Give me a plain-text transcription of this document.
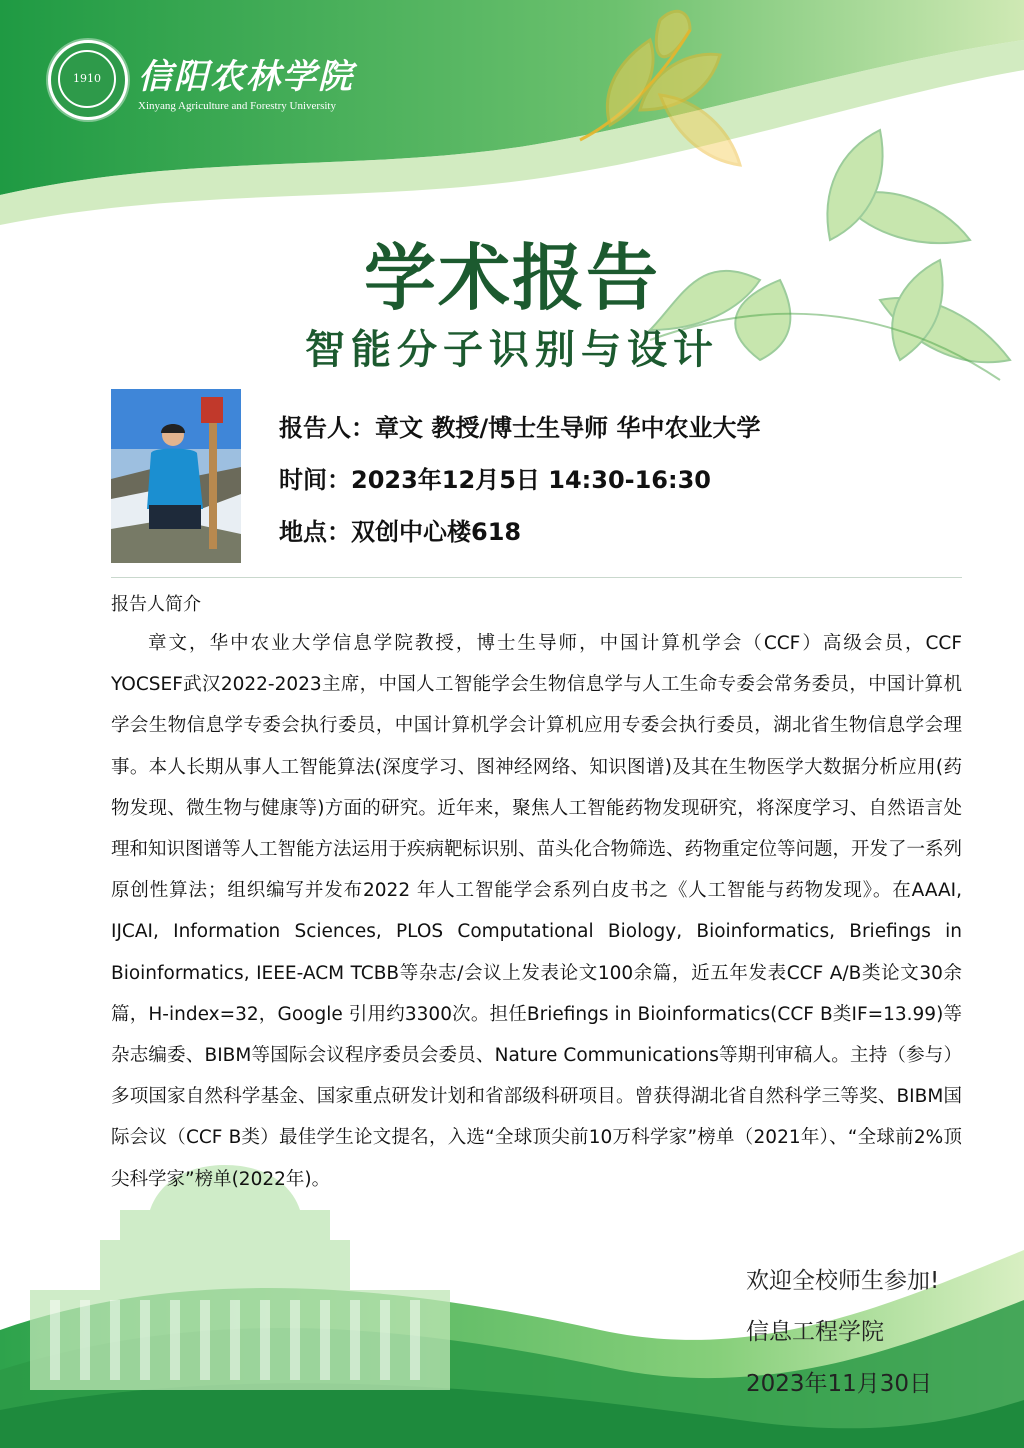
1910	信阳农林学院
Xinyang Agriculture and Forestry University
学术报告
智能分子识别与设计
报告人：章文 教授/博士生导师 华中农业大学
时间：2023年12月5日 14:30-16:30
地点：双创中心楼618
报告人简介
章文，华中农业大学信息学院教授，博士生导师，中国计算机学会（CCF）高级会员，CCF YOCSEF武汉2022-2023主席，中国人工智能学会生物信息学与人工生命专委会常务委员，中国计算机学会生物信息学专委会执行委员，中国计算机学会计算机应用专委会执行委员，湖北省生物信息学会理事。本人长期从事人工智能算法(深度学习、图神经网络、知识图谱)及其在生物医学大数据分析应用(药 物发现、微生物与健康等)方面的研究。近年来，聚焦人工智能药物发现研究，将深度学习、自然语言处理和知识图谱等人工智能方法运用于疾病靶标识别、苗头化合物筛选、药物重定位等问题，开发了一系列原创性算法；组织编写并发布2022 年人工智能学会系列白皮书之《人工智能与药物发现》。在AAAI, IJCAI, Information Sciences, PLOS Computational Biology, Bioinformatics, Briefings in Bioinformatics, IEEE-ACM TCBB等杂志/会议上发表论文100余篇，近五年发表CCF A/B类论文30余篇，H-index=32，Google 引用约3300次。担任Briefings in Bioinformatics(CCF B类IF=13.99)等杂志编委、BIBM等国际会议程序委员会委员、Nature Communications等期刊审稿人。主持（参与）多项国家自然科学基金、国家重点研发计划和省部级科研项目。曾获得湖北省自然科学三等奖、BIBM国际会议（CCF B类）最佳学生论文提名，入选“全球顶尖前10万科学家”榜单（2021年）、“全球前2%顶尖科学家”榜单(2022年)。
欢迎全校师生参加!
信息工程学院
2023年11月30日
